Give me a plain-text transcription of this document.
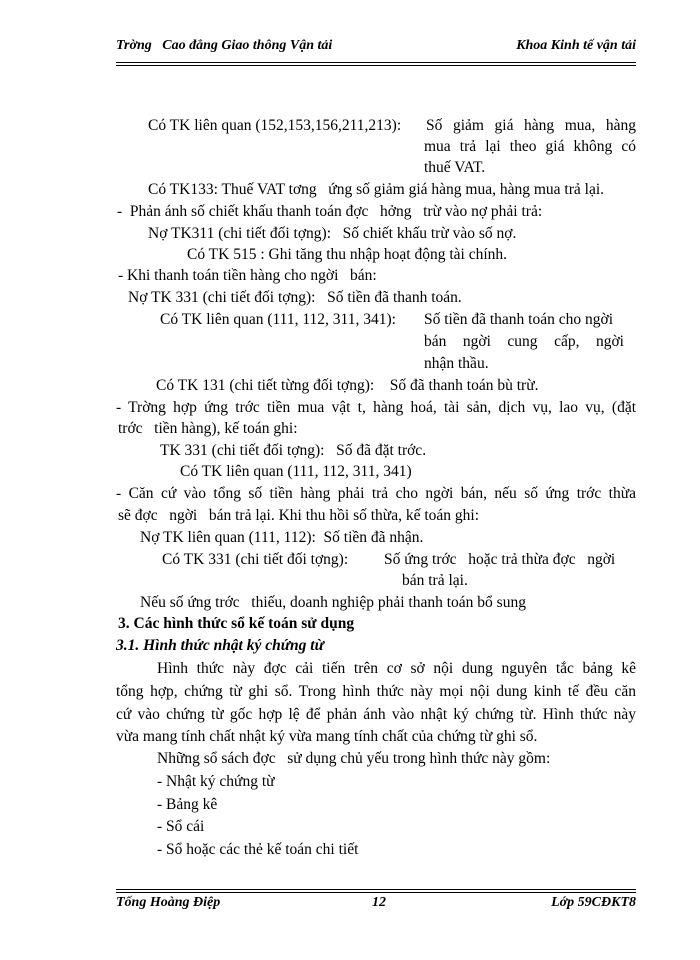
Trờng   Cao đẳng Giao thông Vận tải	Khoa Kinh tế vận tải
Có TK liên quan (152,153,156,211,213): Số giảm giá hàng mua, hàng
mua trả lại theo giá không có
thuế VAT.
Có TK133: Thuế VAT tơng   ứng số giảm giá hàng mua, hàng mua trả lại.
-  Phản ánh số chiết khấu thanh toán đợc   hởng   trừ vào nợ phải trả:
Nợ TK311 (chi tiết đối tợng):   Số chiết khấu trừ vào số nợ.
Có TK 515 : Ghi tăng thu nhập hoạt động tài chính.
- Khi thanh toán tiền hàng cho ngời   bán:
Nợ TK 331 (chi tiết đối tợng):   Số tiền đã thanh toán.
Có TK liên quan (111, 112, 311, 341): Số tiền đã thanh toán cho ngời
bán ngời cung cấp, ngời
nhận thầu.
Có TK 131 (chi tiết từng đối tợng):    Số đã thanh toán bù trừ.
- Trờng hợp ứng trớc tiền mua vật t, hàng hoá, tài sản, dịch vụ, lao vụ, (đặt
trớc   tiền hàng), kế toán ghi:
TK 331 (chi tiết đối tợng):   Số đã đặt trớc.
Có TK liên quan (111, 112, 311, 341)
- Căn cứ vào tổng số tiền hàng phải trả cho ngời bán, nếu số ứng trớc thừa
sẽ đợc   ngời   bán trả lại. Khi thu hồi số thừa, kế toán ghi:
Nợ TK liên quan (111, 112):  Số tiền đã nhận.
Có TK 331 (chi tiết đối tợng): Số ứng trớc   hoặc trả thừa đợc   ngời
bán trả lại.
Nếu số ứng trớc   thiếu, doanh nghiệp phải thanh toán bổ sung
3. Các hình thức sổ kế toán sử dụng
3.1. Hình thức nhật ký chứng từ
Hình thức này đợc cải tiến trên cơ sở nội dung nguyên tắc bảng kê
tổng hợp, chứng từ ghi sổ. Trong hình thức này mọi nội dung kinh tế đều căn
cứ vào chứng từ gốc hợp lệ để phản ánh vào nhật ký chứng từ. Hình thức này
vừa mang tính chất nhật ký vừa mang tính chất của chứng từ ghi sổ.
Những sổ sách đợc   sử dụng chủ yếu trong hình thức này gồm:
- Nhật ký chứng từ
- Bảng kê
- Sổ cái
- Sổ hoặc các thẻ kế toán chi tiết
Tống Hoàng Điệp	12	Lớp 59CĐKT8
